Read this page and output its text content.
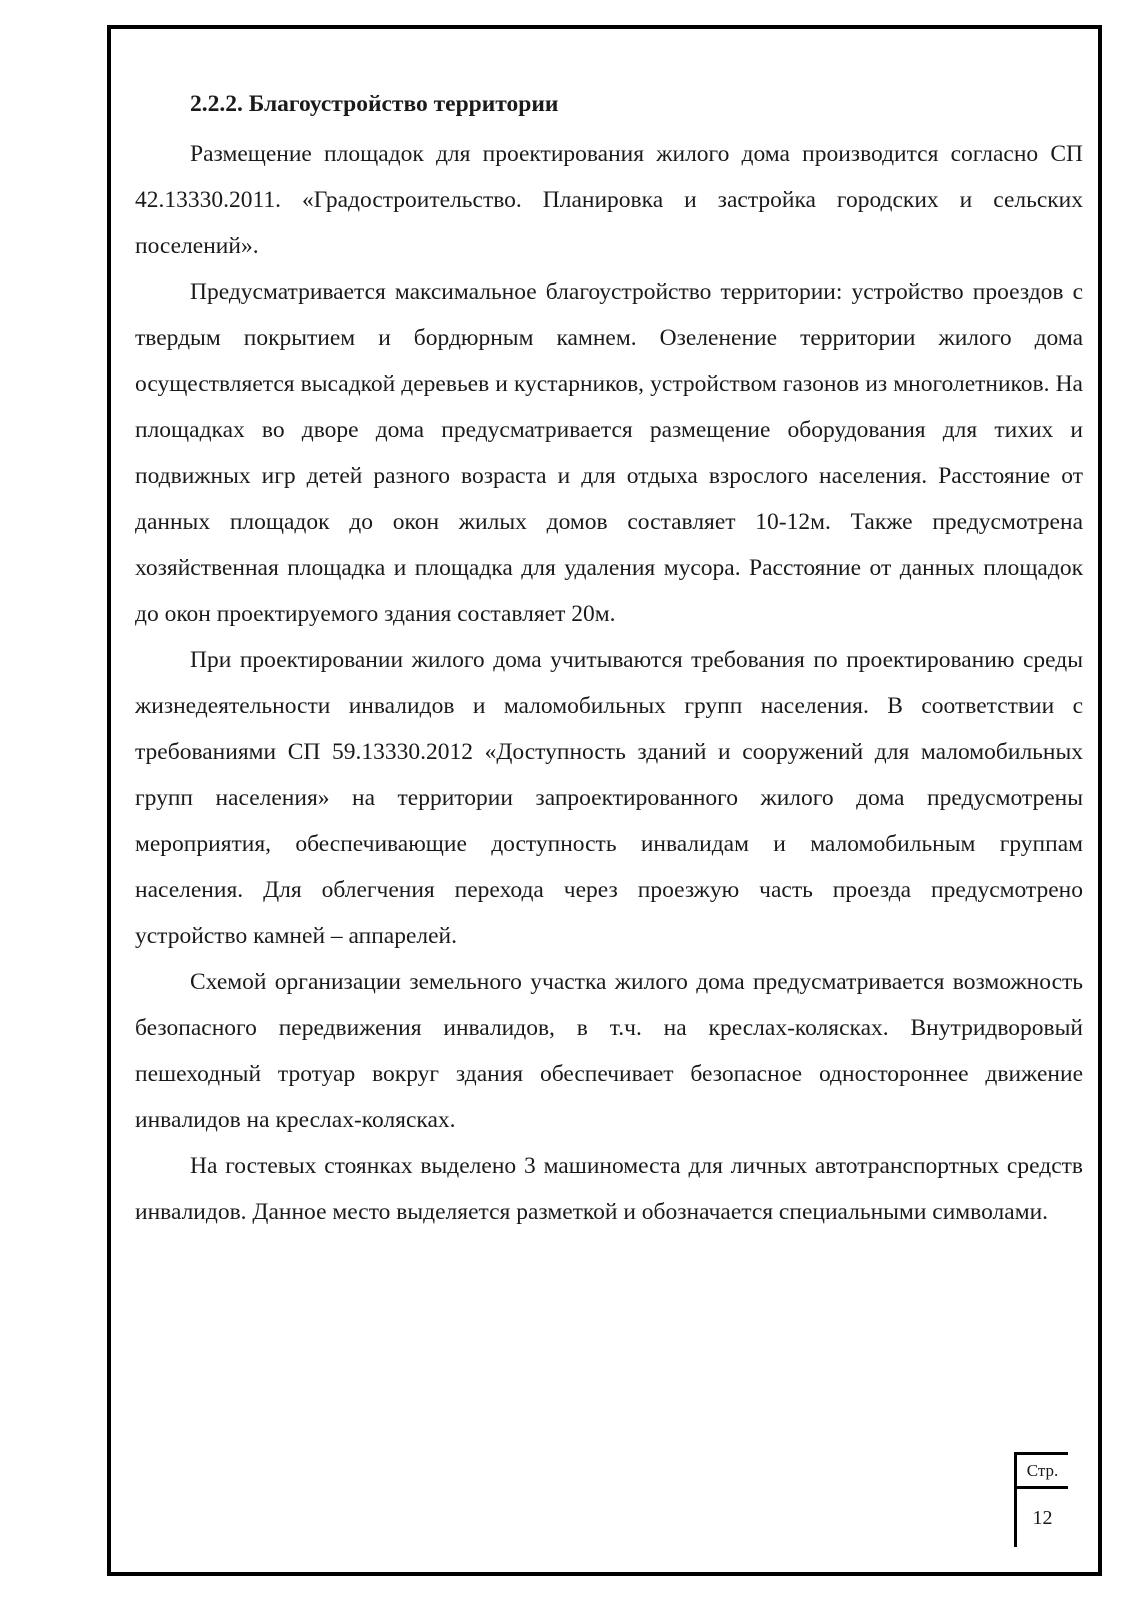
Стр.
12
2.2.2. Благоустройство территории

Размещение площадок для проектирования жилого дома производится согласно СП 42.13330.2011. «Градостроительство. Планировка и застройка городских и сельских поселений».

Предусматривается максимальное благоустройство территории: устройство проездов с твердым покрытием и бордюрным камнем. Озеленение территории жилого дома осуществляется высадкой деревьев и кустарников, устройством газонов из многолетников. На площадках во дворе дома предусматривается размещение оборудования для тихих и подвижных игр детей разного возраста и для отдыха взрослого населения. Расстояние от данных площадок до окон жилых домов составляет 10-12м. Также предусмотрена хозяйственная площадка и площадка для удаления мусора. Расстояние от данных площадок до окон проектируемого здания составляет 20м.

При проектировании жилого дома учитываются требования по проектированию среды жизнедеятельности инвалидов и маломобильных групп населения. В соответствии с требованиями СП 59.13330.2012 «Доступность зданий и сооружений для маломобильных групп населения» на территории запроектированного жилого дома предусмотрены мероприятия, обеспечивающие доступность инвалидам и маломобильным группам населения. Для облегчения перехода через проезжую часть проезда предусмотрено устройство камней – аппарелей.

Схемой организации земельного участка жилого дома предусматривается возможность безопасного передвижения инвалидов, в т.ч. на креслах-колясках. Внутридворовый пешеходный тротуар вокруг здания обеспечивает безопасное одностороннее движение инвалидов на креслах-колясках.

На гостевых стоянках выделено 3 машиноместа для личных автотранспортных средств инвалидов. Данное место выделяется разметкой и обозначается специальными символами.
